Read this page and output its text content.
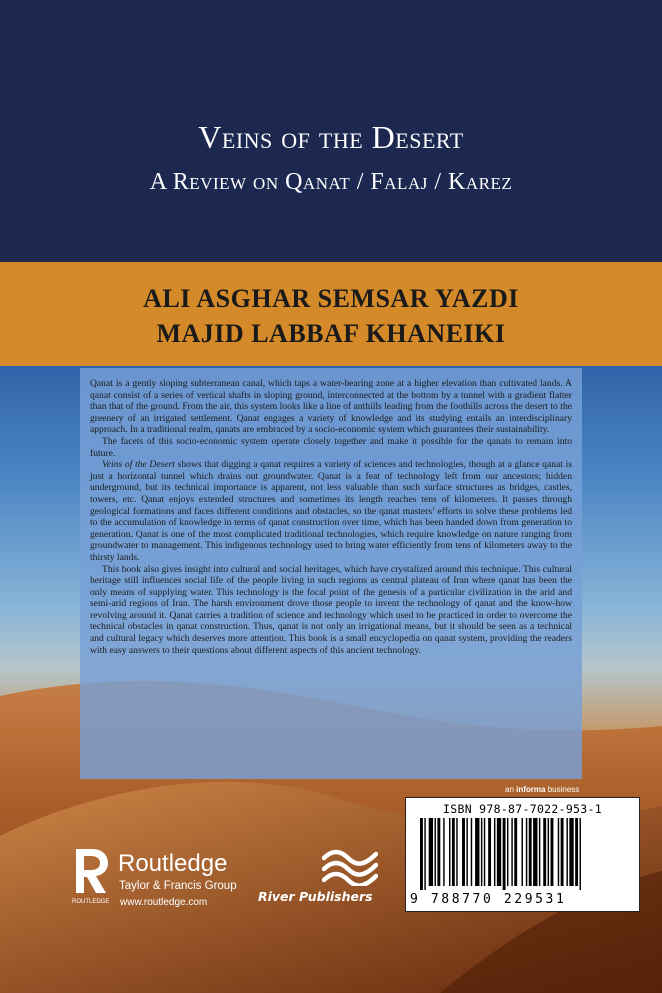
Veins of the Desert
A Review on Qanat / Falaj / Karez
ALI ASGHAR SEMSAR YAZDI
MAJID LABBAF KHANEIKI

Qanat is a gently sloping subterranean canal, which taps a water-bearing zone at a higher elevation than cultivated lands. A qanat consist of a series of vertical shafts in sloping ground, interconnected at the bottom by a tunnel with a gradient flatter than that of the ground. From the air, this system looks like a line of anthills leading from the foothills across the desert to the greenery of an irrigated settlement. Qanat engages a variety of knowledge and its studying entails an interdisciplinary approach. In a traditional realm, qanats are embraced by a socio-economic system which guarantees their sustainability.

The facets of this socio-economic system operate closely together and make it possible for the qanats to remain into future.

Veins of the Desert shows that digging a qanat requires a variety of sciences and technologies, though at a glance qanat is just a horizontal tunnel which drains out groundwater. Qanat is a feat of technology left from our ancestors; hidden underground, but its technical importance is apparent, not less valuable than such surface structures as bridges, castles, towers, etc. Qanat enjoys extended structures and sometimes its length reaches tens of kilometers. It passes through geological formations and faces different conditions and obstacles, so the qanat masters’ efforts to solve these problems led to the accumulation of knowledge in terms of qanat construction over time, which has been handed down from generation to generation. Qanat is one of the most complicated traditional technologies, which require knowledge on nature ranging from groundwater to management. This indigenous technology used to bring water efficiently from tens of kilometers away to the thirsty lands.

This book also gives insight into cultural and social heritages, which have crystalized around this technique. This cultural heritage still influences social life of the people living in such regions as central plateau of Iran where qanat has been the only means of supplying water. This technology is the focal point of the genesis of a particular civilization in the arid and semi-arid regions of Iran. The harsh environment drove those people to invent the technology of qanat and the know-how revolving around it. Qanat carries a tradition of science and technology which used to be practiced in order to overcome the technical obstacles in qanat construction. Thus, qanat is not only an irrigational means, but it should be seen as a technical and cultural legacy which deserves more attention. This book is a small encyclopedia on qanat system, providing the readers with easy answers to their questions about different aspects of this ancient technology.

an informa business
ISBN 978-87-7022-953-1
9 788770 229531
ROUTLEDGE
Routledge
Taylor & Francis Group
www.routledge.com	River Publishers
